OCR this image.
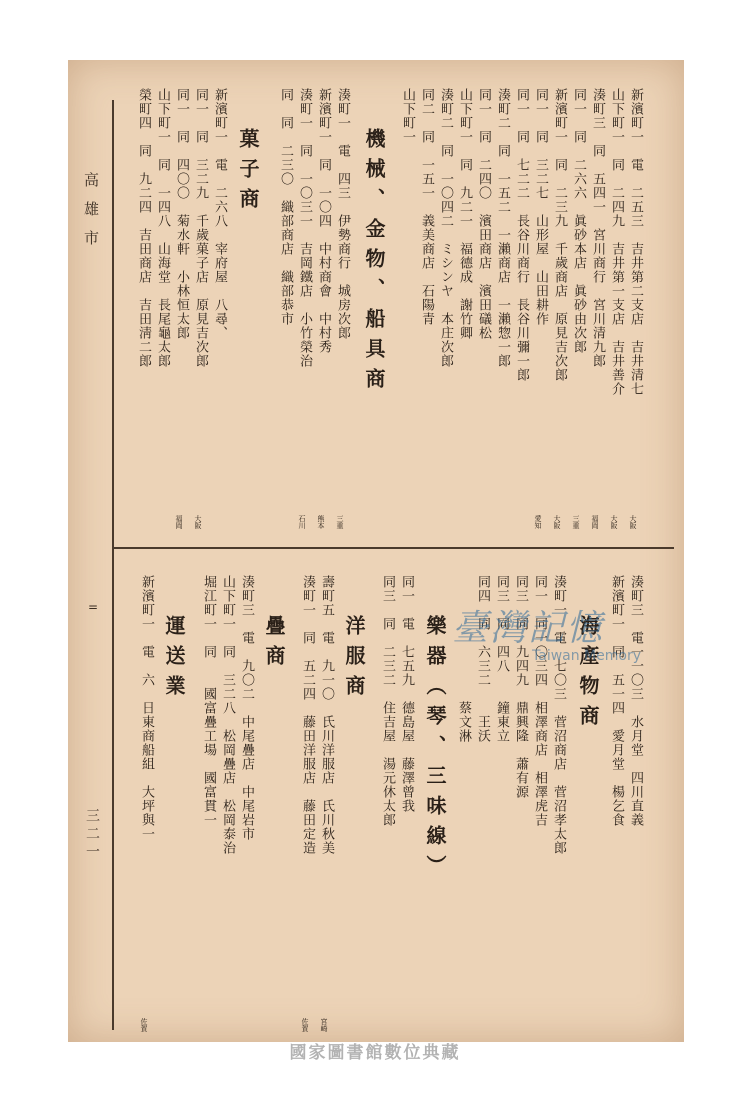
高雄市
三二一
=
新濱町一　電　二五三　吉井第二支店　吉井清七
大阪
山下町一　同　二四九　吉井第一支店　吉井善介
大阪
湊町三　同　五四一　宮川商行　宮川清九郎
福岡
同一　同　二六六　眞砂本店　眞砂由次郎
三重
新濱町一　同　二三九　千歲商店　原見吉次郎
大阪
同一　同　三二七　山形屋　山田耕作
愛知
同一　同　七二二　長谷川商行　長谷川彌一郎
湊町二　同　一五二　一瀨商店　一瀨惣一郎
同一　同　二四〇　濱田商店　濱田礒松
山下町一　同　九二一　福德成　謝竹卿
湊町二　同　一〇四二　ミシンヤ　本庄次郎
同二　同　一五一　義美商店　石陽青
山下町一
機械、金物、船具商
湊町一　電　四三　伊勢商行　城房次郎
三重
新濱町一　同　一〇四　中村商會　中村秀
熊本
湊町一　同　一〇三一　吉岡鐵店　小竹榮治
石川
同　同　二三〇　織部商店　織部恭市
菓子商
新濱町一　電　二六八　宰府屋　八尋、
同一　同　三二九　千歲菓子店　原見吉次郎
大阪
同一　同　四〇〇　菊水軒　小林恒太郎
福岡
山下町一　同　一四八　山海堂　長尾龜太郎
榮町四　同　九二四　吉田商店　吉田淸二郎
湊町三　電一一〇三　水月堂　四川直義
新濱町一　同　五一四　愛月堂　楊乞食
海產物商
湊町一　電　七〇三　菅沼商店　菅沼孝太郎
同一　同一〇三四　相澤商店　相澤虎吉
同三　同　九四九　鼎興隆　蕭有源
同三　同　四八　　鐘東立
同四　同　六三二　　王沃
　　　　　　　　　蔡文淋
樂器（琴、三味線）
同一　電　七五九　德島屋　藤澤曾我
同三　同　二三二　住吉屋　湯元休太郎
洋服商
壽町五　電　九一〇　氏川洋服店　氏川秋美
宮崎
湊町一　同　五二四　藤田洋服店　藤田定造
佐賀
疊商
湊町三　電　九〇二　中尾疊店　中尾岩市
山下町一　同　三二八　松岡疊店　松岡泰治
堀江町一　同　　國富疊工場　國富貫一
運送業
新濱町一　電　六　日東商船組　大坪與一
佐賀
臺灣記憶
Taiwan Memory
國家圖書館數位典藏
